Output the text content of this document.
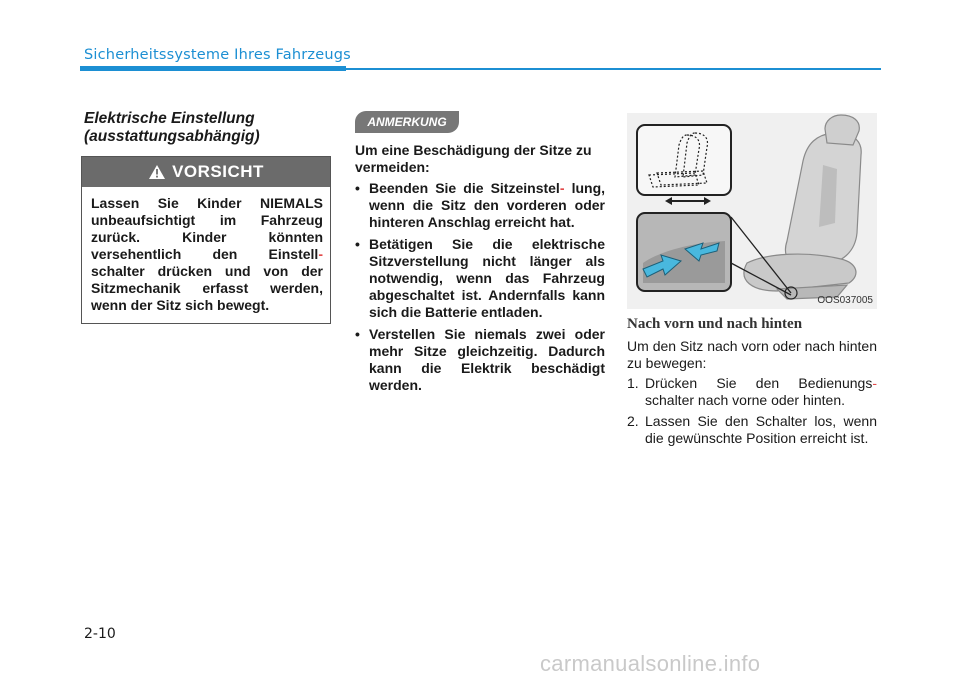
Sicherheitssysteme Ihres Fahrzeugs
Elektrische Einstellung
(ausstattungsabhängig)
VORSICHT
Lassen Sie Kinder NIEMALS unbeaufsichtigt im Fahrzeug zurück. Kinder könnten versehentlich den Einstell- schalter drücken und von der Sitzmechanik erfasst werden, wenn der Sitz sich bewegt.
ANMERKUNG
Um eine Beschädigung der Sitze zu vermeiden:
• Beenden Sie die Sitzeinstel- lung, wenn die Sitz den vorderen oder hinteren Anschlag erreicht hat.
• Betätigen Sie die elektrische Sitzverstellung nicht länger als notwendig, wenn das Fahrzeug abgeschaltet ist. Andernfalls kann sich die Batterie entladen.
• Verstellen Sie niemals zwei oder mehr Sitze gleichzeitig. Dadurch kann die Elektrik beschädigt werden.
OOS037005
Nach vorn und nach hinten
Um den Sitz nach vorn oder nach hinten zu bewegen:
1. Drücken Sie den Bedienungs- schalter nach vorne oder hinten.
2. Lassen Sie den Schalter los, wenn die gewünschte Position erreicht ist.
2-10
carmanualsonline.info
